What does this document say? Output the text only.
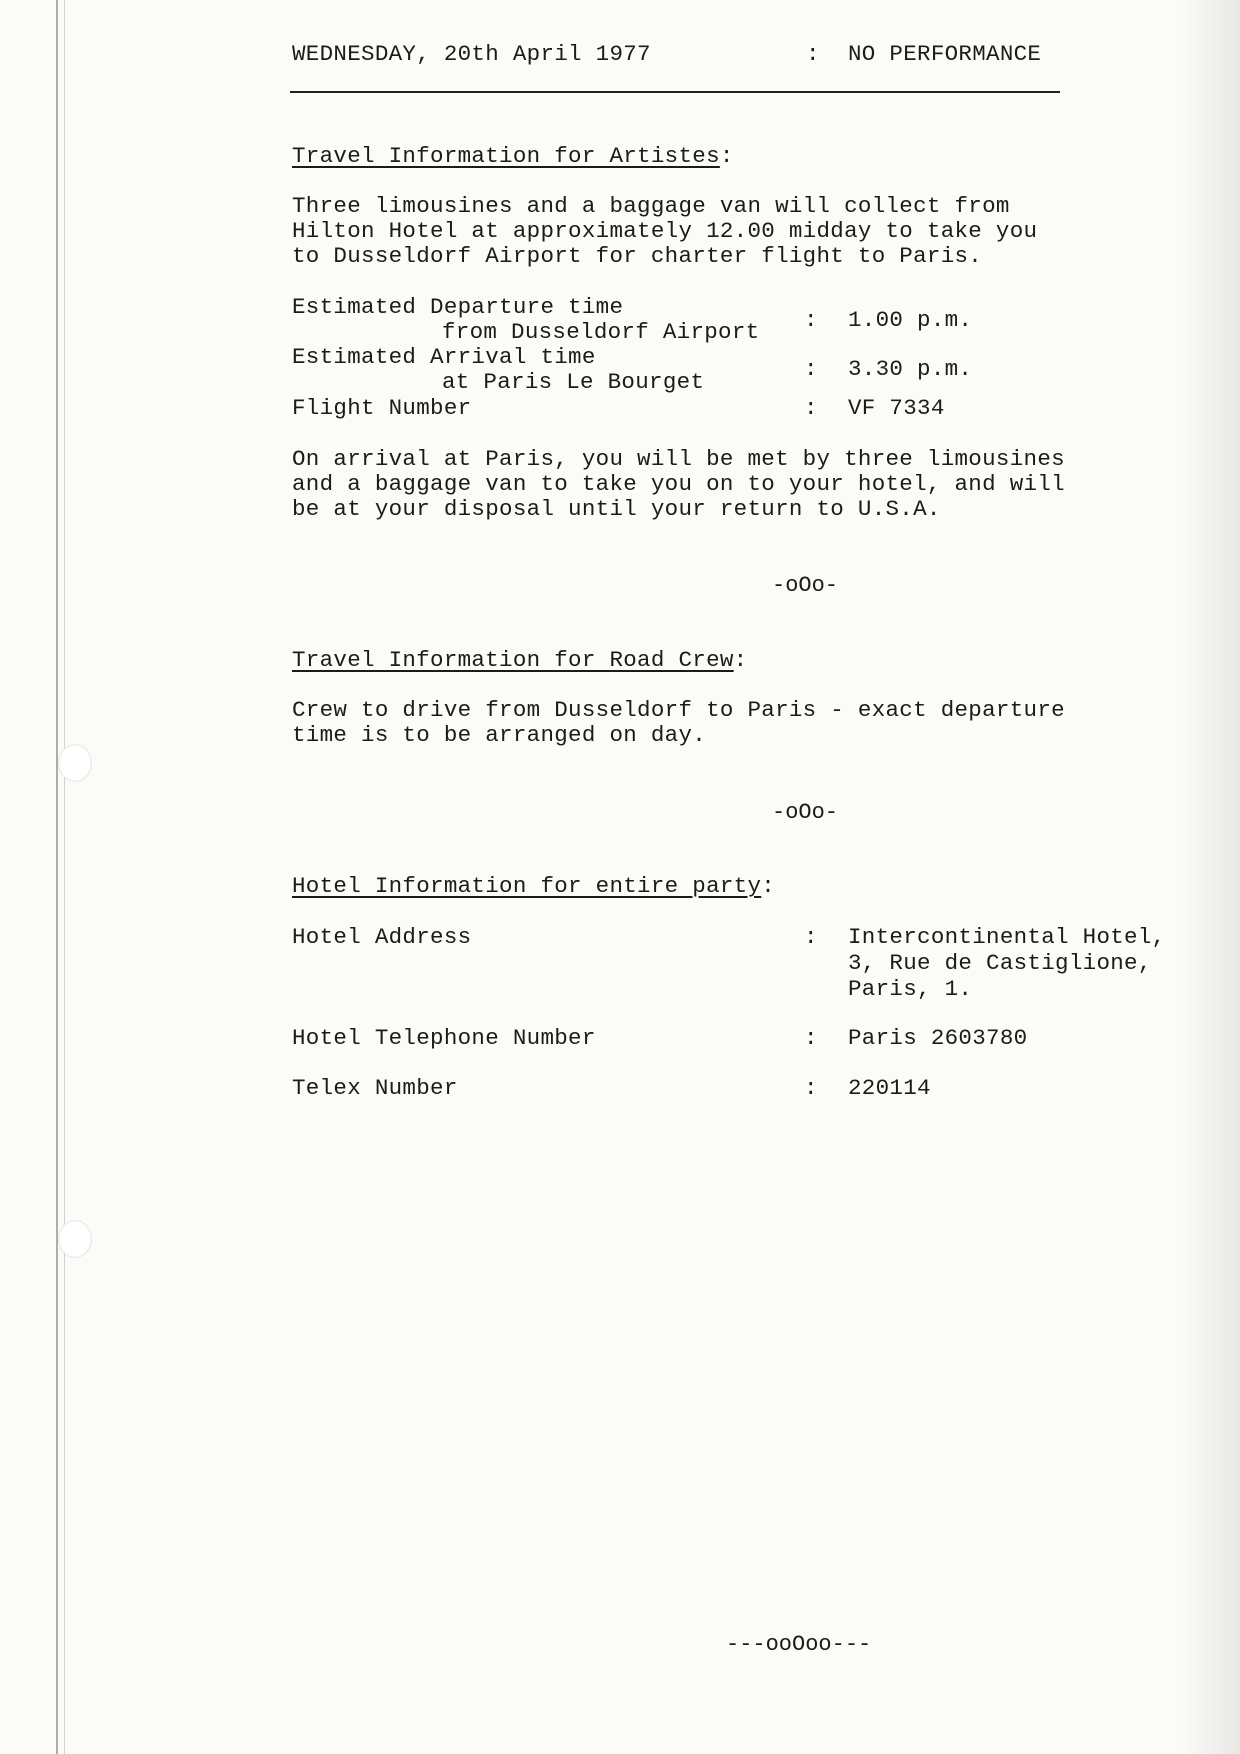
WEDNESDAY, 20th April 1977	: NO PERFORMANCE
Travel Information for Artistes:
Three limousines and a baggage van will collect from
Hilton Hotel at approximately 12.00 midday to take you
to Dusseldorf Airport for charter flight to Paris.
Estimated Departure time
from Dusseldorf Airport : 1.00 p.m.
Estimated Arrival time
at Paris Le Bourget	: 3.30 p.m.
Flight Number	: VF 7334
On arrival at Paris, you will be met by three limousines
and a baggage van to take you on to your hotel, and will
be at your disposal until your return to U.S.A.
-oOo-
Travel Information for Road Crew:
Crew to drive from Dusseldorf to Paris - exact departure
time is to be arranged on day.
-oOo-
Hotel Information for entire party:
Hotel Address	: Intercontinental Hotel,
3, Rue de Castiglione,
Paris, 1.
Hotel Telephone Number	: Paris 2603780
Telex Number	: 220114
---ooOoo---
